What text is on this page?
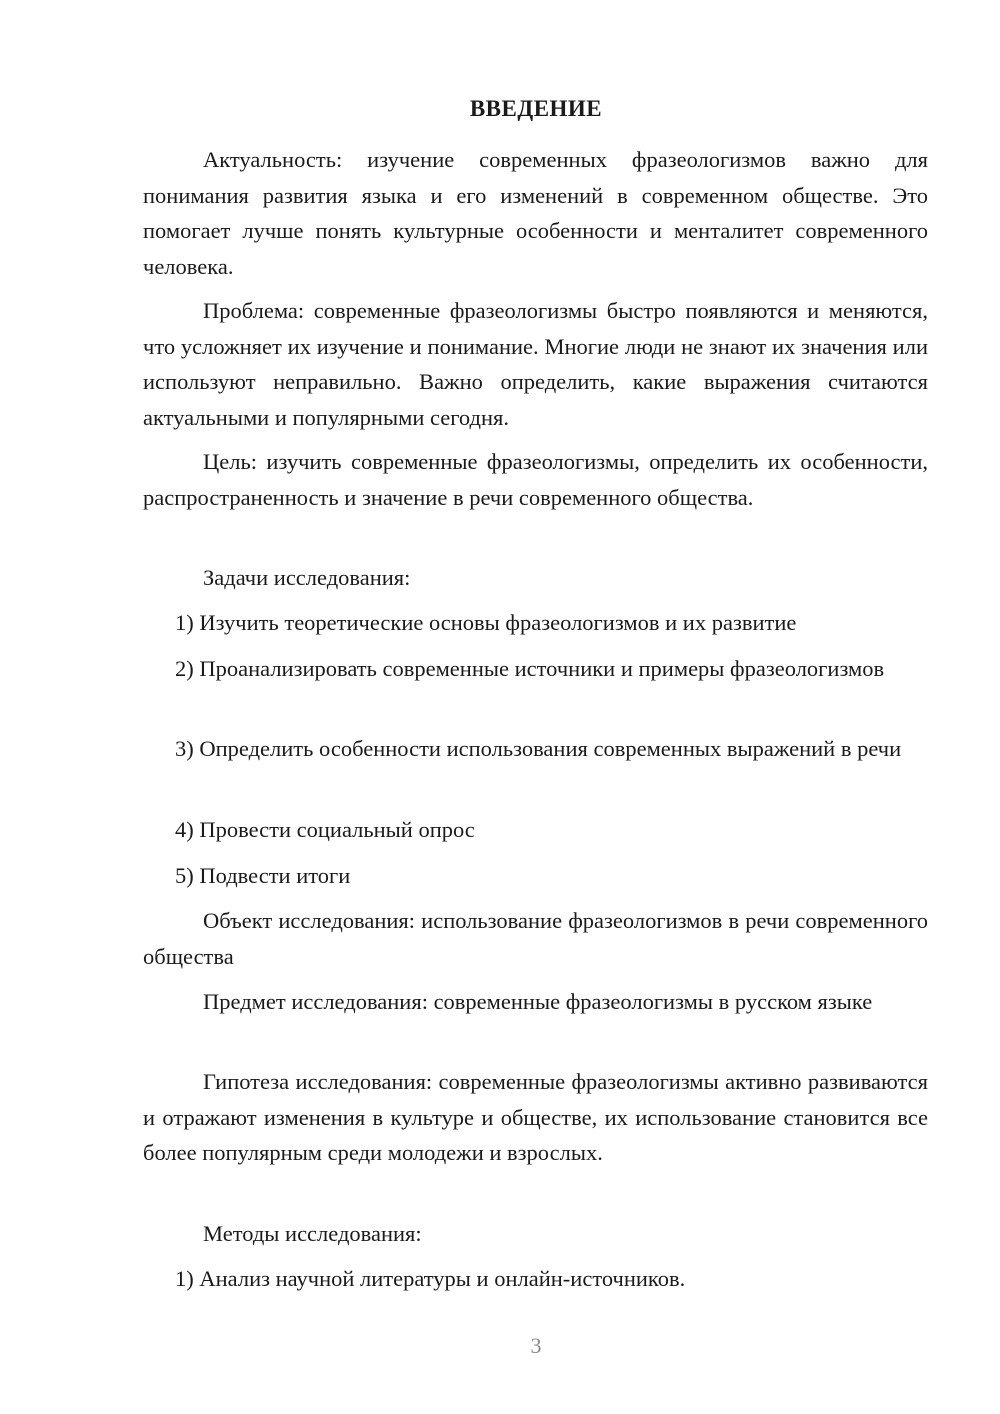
ВВЕДЕНИЕ

Актуальность: изучение современных фразеологизмов важно для понимания развития языка и его изменений в современном обществе. Это помогает лучше понять культурные особенности и менталитет современного человека.

Проблема: современные фразеологизмы быстро появляются и меняются, что усложняет их изучение и понимание. Многие люди не знают их значения или используют неправильно. Важно определить, какие выражения считаются актуальными и популярными сегодня.

Цель: изучить современные фразеологизмы, определить их особенности, распространенность и значение в речи современного общества.

Задачи исследования:

1) Изучить теоретические основы фразеологизмов и их развитие

2) Проанализировать современные источники и примеры фразеологизмов

3) Определить особенности использования современных выражений в речи

4) Провести социальный опрос

5) Подвести итоги

Объект исследования: использование фразеологизмов в речи современного общества

Предмет исследования: современные фразеологизмы в русском языке

Гипотеза исследования: современные фразеологизмы активно развиваются и отражают изменения в культуре и обществе, их использование становится все более популярным среди молодежи и взрослых.

Методы исследования:

1) Анализ научной литературы и онлайн-источников.

3
